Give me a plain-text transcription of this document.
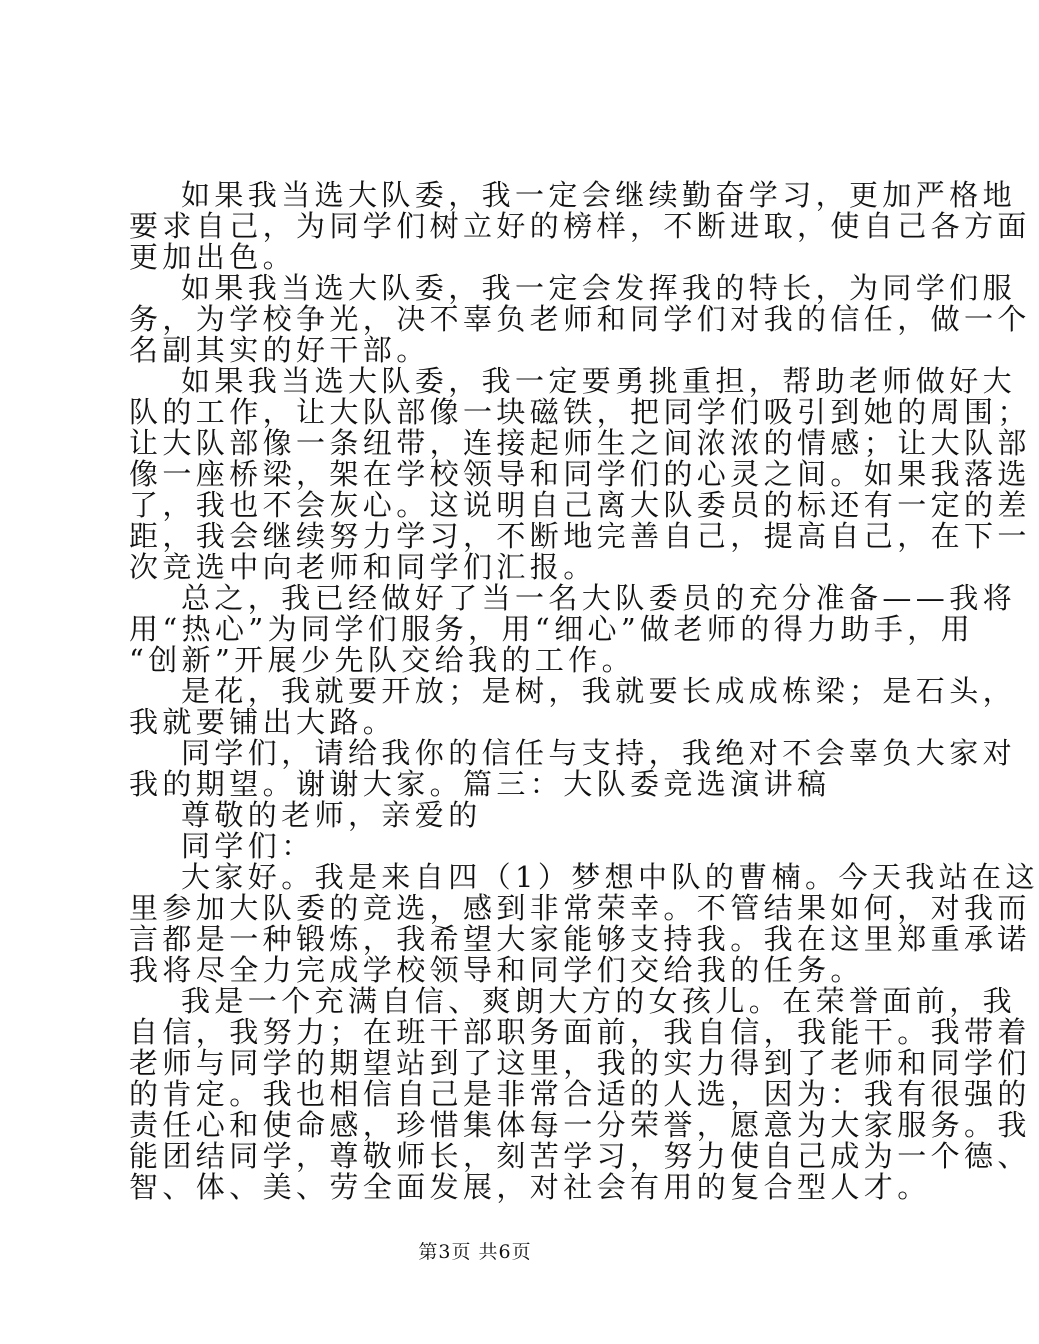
如果我当选大队委，我一定会继续勤奋学习，更加严格地
要求自己，为同学们树立好的榜样，不断进取，使自己各方面
更加出色。
如果我当选大队委，我一定会发挥我的特长，为同学们服
务，为学校争光，决不辜负老师和同学们对我的信任，做一个
名副其实的好干部。
如果我当选大队委，我一定要勇挑重担，帮助老师做好大
队的工作，让大队部像一块磁铁，把同学们吸引到她的周围；
让大队部像一条纽带，连接起师生之间浓浓的情感；让大队部
像一座桥梁，架在学校领导和同学们的心灵之间。如果我落选
了，我也不会灰心。这说明自己离大队委员的标还有一定的差
距，我会继续努力学习，不断地完善自己，提高自己，在下一
次竞选中向老师和同学们汇报。
总之，我已经做好了当一名大队委员的充分准备——我将
用“热心”为同学们服务，用“细心”做老师的得力助手，用
“创新”开展少先队交给我的工作。
是花，我就要开放；是树，我就要长成成栋梁；是石头，
我就要铺出大路。
同学们，请给我你的信任与支持，我绝对不会辜负大家对
我的期望。谢谢大家。篇三：大队委竞选演讲稿
尊敬的老师，亲爱的
同学们：
大家好。我是来自四（1）梦想中队的曹楠。今天我站在这
里参加大队委的竞选，感到非常荣幸。不管结果如何，对我而
言都是一种锻炼，我希望大家能够支持我。我在这里郑重承诺
我将尽全力完成学校领导和同学们交给我的任务。
我是一个充满自信、爽朗大方的女孩儿。在荣誉面前，我
自信，我努力；在班干部职务面前，我自信，我能干。我带着
老师与同学的期望站到了这里，我的实力得到了老师和同学们
的肯定。我也相信自己是非常合适的人选，因为：我有很强的
责任心和使命感，珍惜集体每一分荣誉，愿意为大家服务。我
能团结同学，尊敬师长，刻苦学习，努力使自己成为一个德、
智、体、美、劳全面发展，对社会有用的复合型人才。
第3页 共6页
